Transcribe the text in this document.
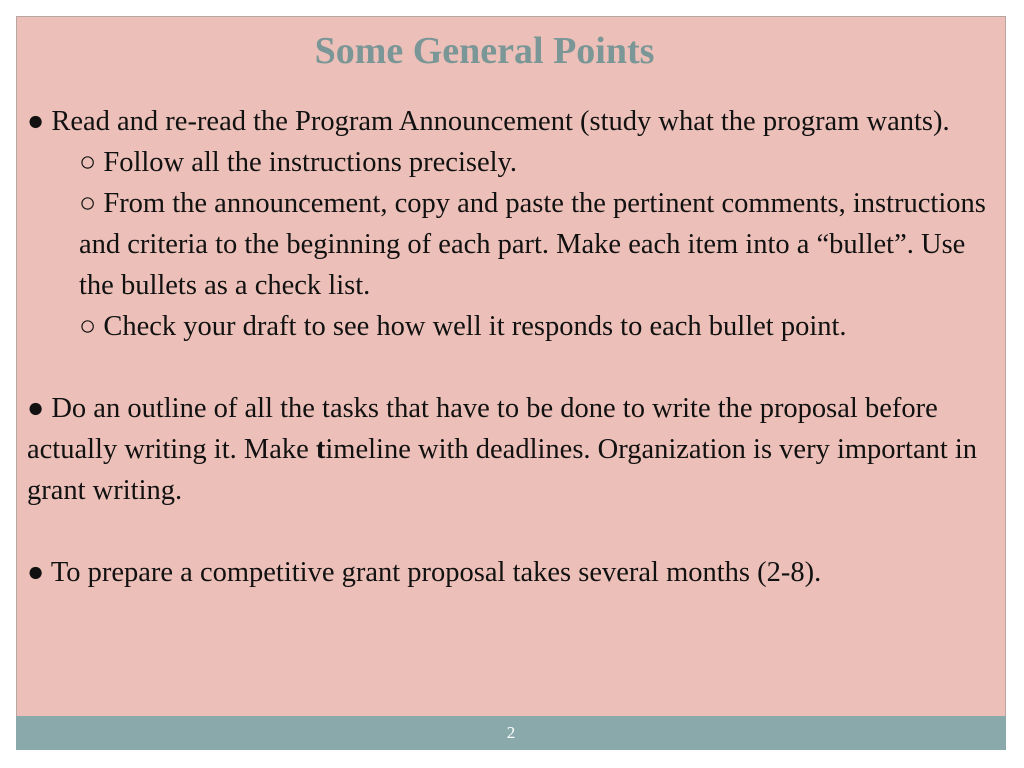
Some General Points

● Read and re-read the Program Announcement (study what the program wants).

○ Follow all the instructions precisely.

○ From the announcement, copy and paste the pertinent comments, instructions and criteria to the beginning of each part. Make each item into a “bullet”. Use the bullets as a check list.

○ Check your draft to see how well it responds to each bullet point.

● Do an outline of all the tasks that have to be done to write the proposal before actually writing it. Make timeline with deadlines. Organization is very important in grant writing.

● To prepare a competitive grant proposal takes several months (2-8).

2
